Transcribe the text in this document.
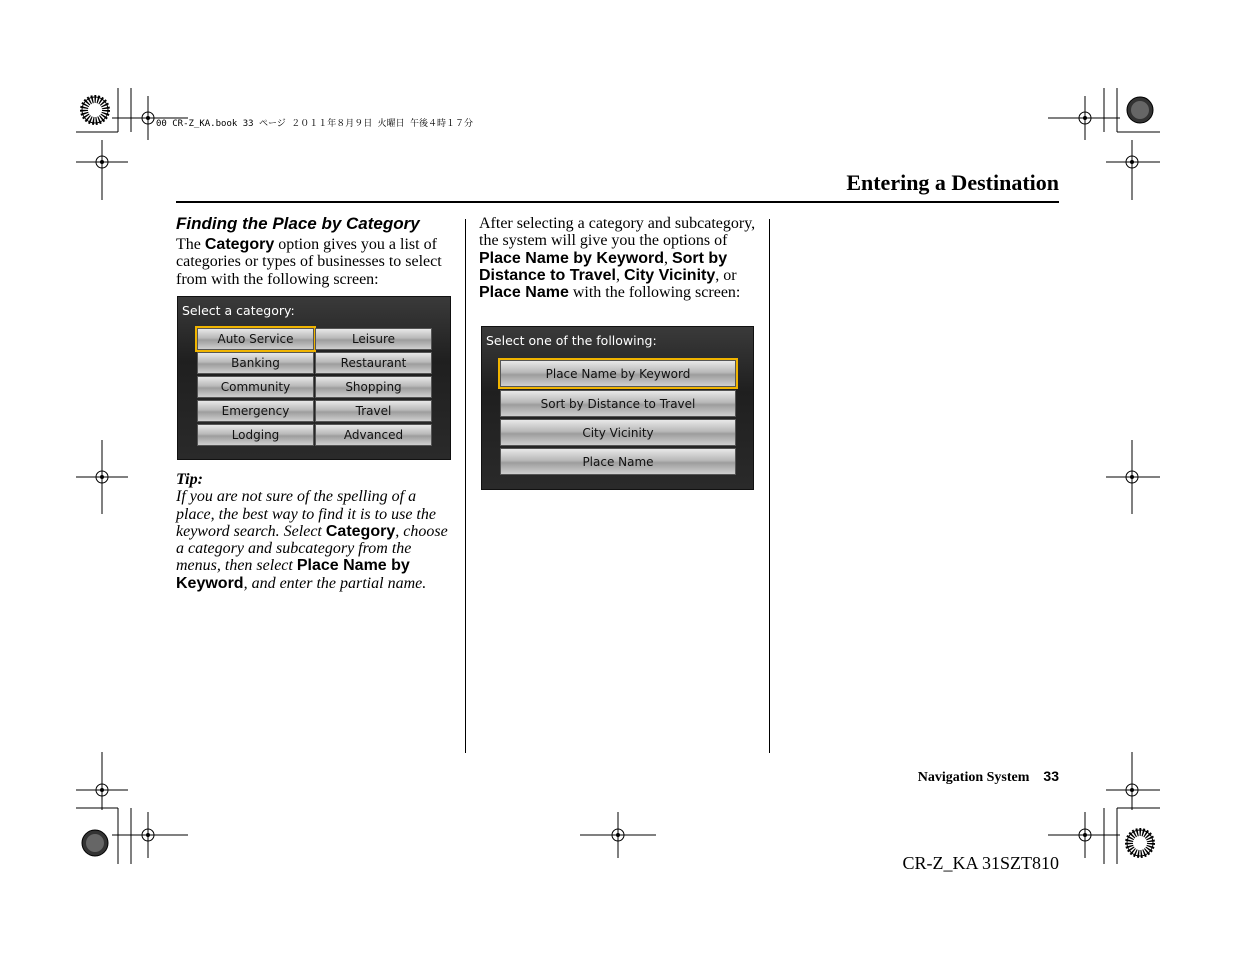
00 CR-Z_KA.book 33 ページ ２０１１年８月９日 火曜日 午後４時１７分
Entering a Destination
Finding the Place by Category
The Category option gives you a list of categories or types of businesses to select from with the following screen:
Select a category:
Auto Service	Leisure
Banking	Restaurant
Community	Shopping
Emergency	Travel
Lodging	Advanced
Tip:
If you are not sure of the spelling of a place, the best way to find it is to use the keyword search. Select Category, choose a category and subcategory from the menus, then select Place Name by Keyword, and enter the partial name.
After selecting a category and subcategory, the system will give you the options of Place Name by Keyword, Sort by Distance to Travel, City Vicinity, or Place Name with the following screen:
Select one of the following:
Place Name by Keyword
Sort by Distance to Travel
City Vicinity
Place Name
Navigation System 33
CR-Z_KA 31SZT810
